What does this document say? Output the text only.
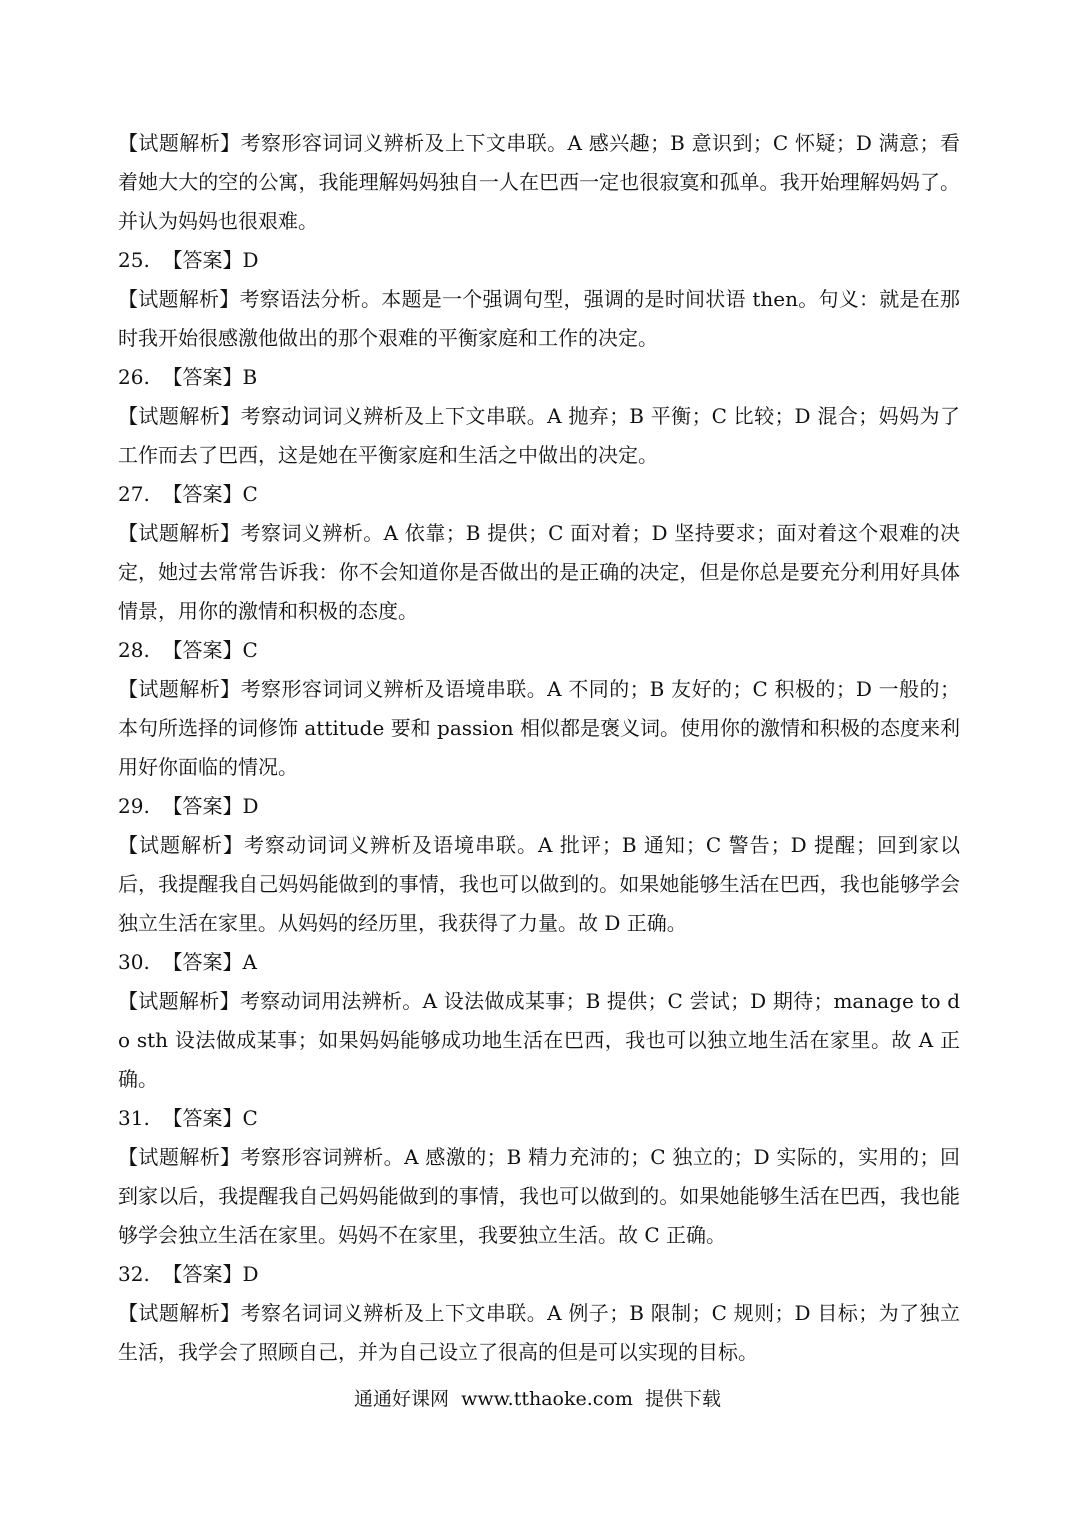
【试题解析】考察形容词词义辨析及上下文串联。A 感兴趣；B 意识到；C 怀疑；D 满意；看着她大大的空的公寓，我能理解妈妈独自一人在巴西一定也很寂寞和孤单。我开始理解妈妈了。并认为妈妈也很艰难。

25.  【答案】D

【试题解析】考察语法分析。本题是一个强调句型，强调的是时间状语 then。句义：就是在那时我开始很感激他做出的那个艰难的平衡家庭和工作的决定。

26.  【答案】B

【试题解析】考察动词词义辨析及上下文串联。A 抛弃；B 平衡；C 比较；D 混合；妈妈为了工作而去了巴西，这是她在平衡家庭和生活之中做出的决定。

27.  【答案】C

【试题解析】考察词义辨析。A 依靠；B 提供；C 面对着；D 坚持要求；面对着这个艰难的决定，她过去常常告诉我：你不会知道你是否做出的是正确的决定，但是你总是要充分利用好具体情景，用你的激情和积极的态度。

28.  【答案】C

【试题解析】考察形容词词义辨析及语境串联。A 不同的；B 友好的；C 积极的；D 一般的；本句所选择的词修饰 attitude 要和 passion 相似都是褒义词。使用你的激情和积极的态度来利用好你面临的情况。

29.  【答案】D

【试题解析】考察动词词义辨析及语境串联。A 批评；B 通知；C 警告；D 提醒；回到家以后，我提醒我自己妈妈能做到的事情，我也可以做到的。如果她能够生活在巴西，我也能够学会独立生活在家里。从妈妈的经历里，我获得了力量。故 D 正确。

30.  【答案】A

【试题解析】考察动词用法辨析。A 设法做成某事；B 提供；C 尝试；D 期待；manage to do sth 设法做成某事；如果妈妈能够成功地生活在巴西，我也可以独立地生活在家里。故 A 正确。

31.  【答案】C

【试题解析】考察形容词辨析。A 感激的；B 精力充沛的；C 独立的；D 实际的，实用的；回到家以后，我提醒我自己妈妈能做到的事情，我也可以做到的。如果她能够生活在巴西，我也能够学会独立生活在家里。妈妈不在家里，我要独立生活。故 C 正确。

32.  【答案】D

【试题解析】考察名词词义辨析及上下文串联。A 例子；B 限制；C 规则；D 目标；为了独立生活，我学会了照顾自己，并为自己设立了很高的但是可以实现的目标。

通通好课网  www.tthaoke.com  提供下载
